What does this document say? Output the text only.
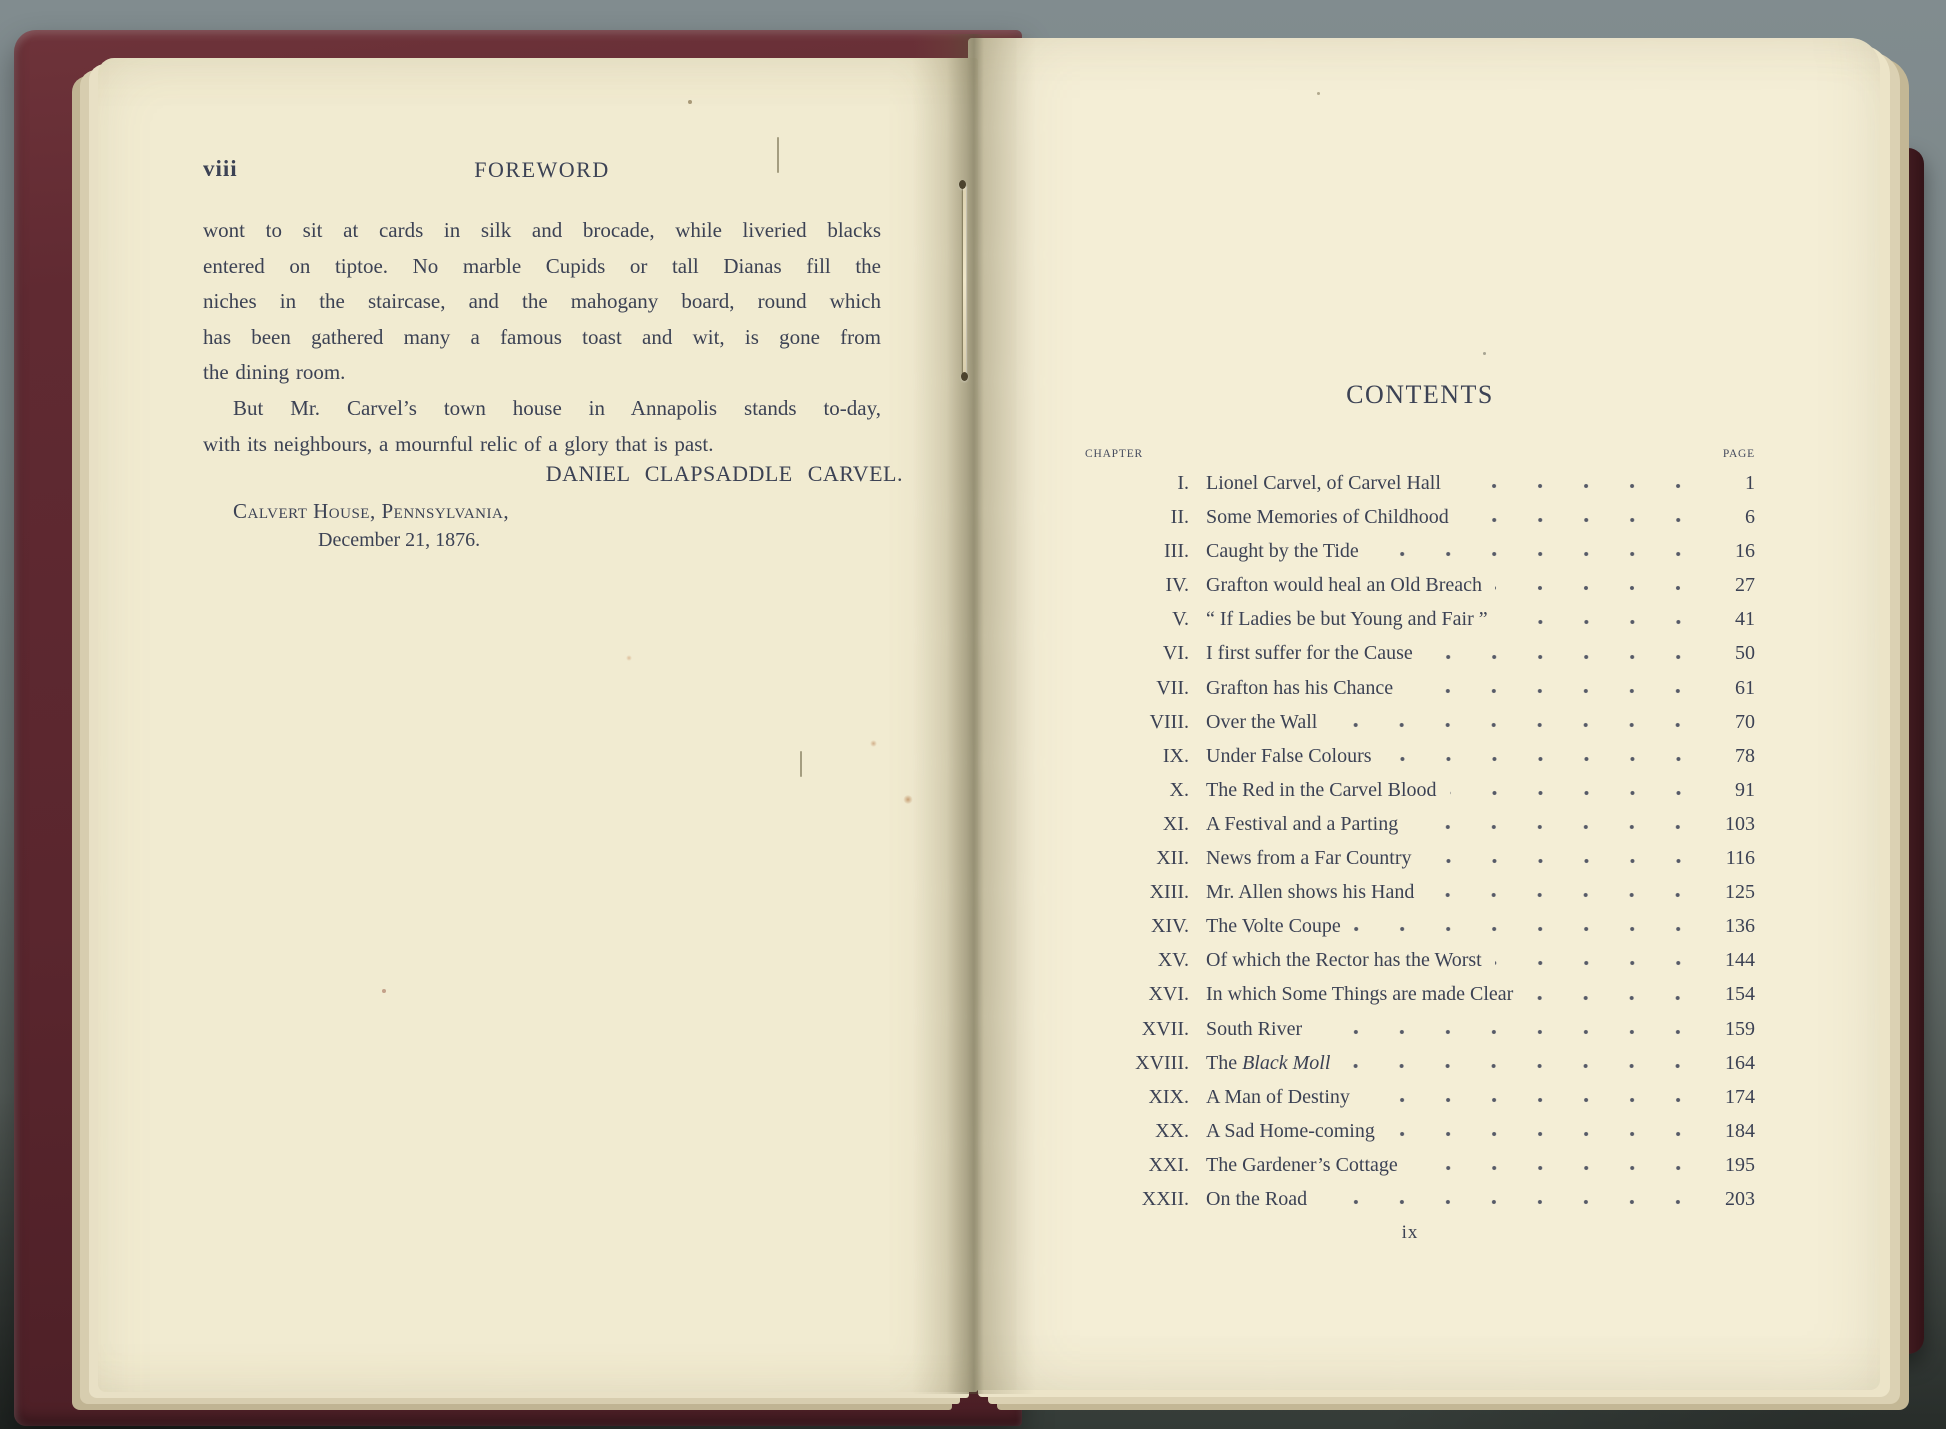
CONTENTS
CHAPTER	PAGE
I. Lionel Carvel, of Carvel Hall	1
II. Some Memories of Childhood	6
III. Caught by the Tide	16
IV. Grafton would heal an Old Breach	27
V. “ If Ladies be but Young and Fair ”	41
VI. I first suffer for the Cause	50
VII. Grafton has his Chance	61
VIII. Over the Wall	70
IX. Under False Colours	78
X. The Red in the Carvel Blood	91
XI. A Festival and a Parting	103
XII. News from a Far Country	116
XIII. Mr. Allen shows his Hand	125
XIV. The Volte Coupe	136
XV. Of which the Rector has the Worst	144
XVI. In which Some Things are made Clear	154
XVII. South River	159
XVIII. The Black Moll	164
XIX. A Man of Destiny	174
XX. A Sad Home-coming	184
XXI. The Gardener’s Cottage	195
XXII. On the Road	203
ix
viii	FOREWORD
wont to sit at cards in silk and brocade, while liveried blacks
entered on tiptoe. No marble Cupids or tall Dianas fill the
niches in the staircase, and the mahogany board, round which
has been gathered many a famous toast and wit, is gone from
the dining room.
But Mr. Carvel’s town house in Annapolis stands to-day,
with its neighbours, a mournful relic of a glory that is past.
DANIEL CLAPSADDLE CARVEL.
Calvert House, Pennsylvania,
December 21, 1876.
